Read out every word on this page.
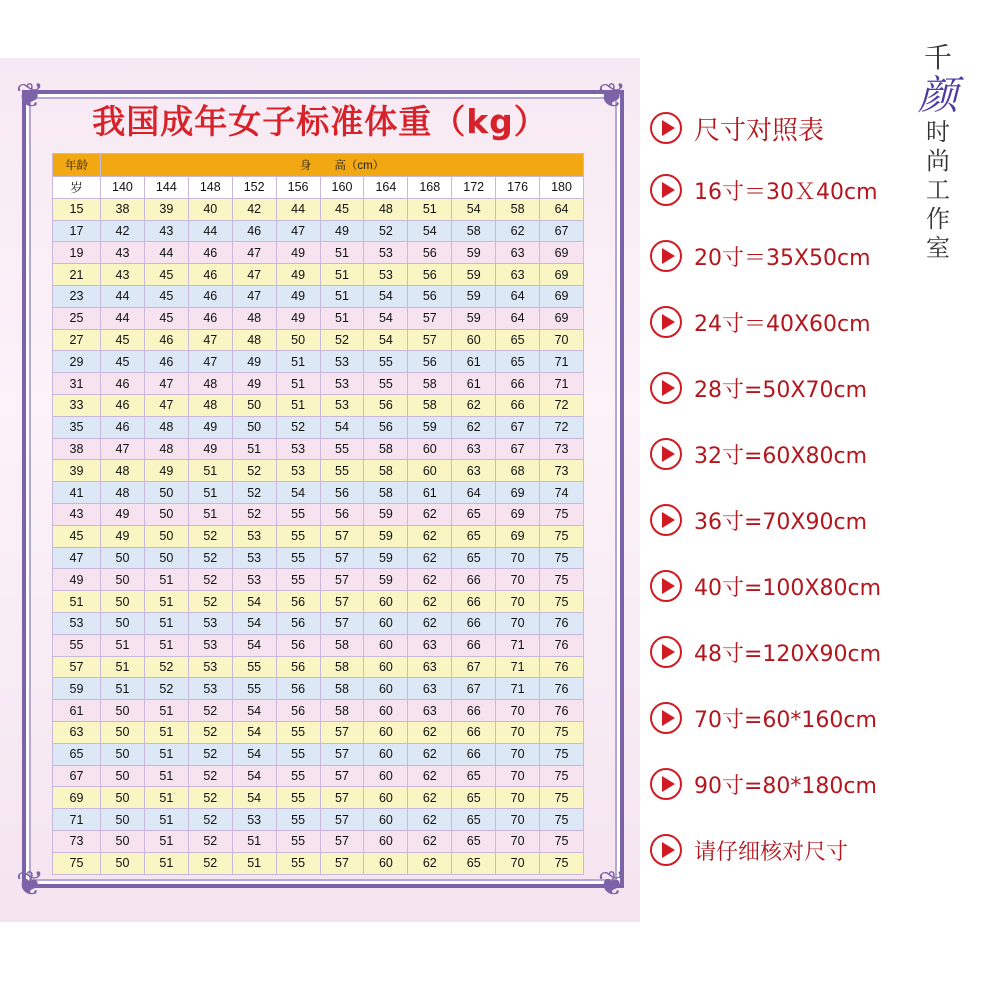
❦	❦
❦	❦
我国成年女子标准体重（kg）
年龄	身　　高（cm）										
岁	140	144	148	152	156	160	164	168	172	176	180
15	38	39	40	42	44	45	48	51	54	58	64
17	42	43	44	46	47	49	52	54	58	62	67
19	43	44	46	47	49	51	53	56	59	63	69
21	43	45	46	47	49	51	53	56	59	63	69
23	44	45	46	47	49	51	54	56	59	64	69
25	44	45	46	48	49	51	54	57	59	64	69
27	45	46	47	48	50	52	54	57	60	65	70
29	45	46	47	49	51	53	55	56	61	65	71
31	46	47	48	49	51	53	55	58	61	66	71
33	46	47	48	50	51	53	56	58	62	66	72
35	46	48	49	50	52	54	56	59	62	67	72
38	47	48	49	51	53	55	58	60	63	67	73
39	48	49	51	52	53	55	58	60	63	68	73
41	48	50	51	52	54	56	58	61	64	69	74
43	49	50	51	52	55	56	59	62	65	69	75
45	49	50	52	53	55	57	59	62	65	69	75
47	50	50	52	53	55	57	59	62	65	70	75
49	50	51	52	53	55	57	59	62	66	70	75
51	50	51	52	54	56	57	60	62	66	70	75
53	50	51	53	54	56	57	60	62	66	70	76
55	51	51	53	54	56	58	60	63	66	71	76
57	51	52	53	55	56	58	60	63	67	71	76
59	51	52	53	55	56	58	60	63	67	71	76
61	50	51	52	54	56	58	60	63	66	70	76
63	50	51	52	54	55	57	60	62	66	70	75
65	50	51	52	54	55	57	60	62	66	70	75
67	50	51	52	54	55	57	60	62	65	70	75
69	50	51	52	54	55	57	60	62	65	70	75
71	50	51	52	53	55	57	60	62	65	70	75
73	50	51	52	51	55	57	60	62	65	70	75
75	50	51	52	51	55	57	60	62	65	70	75
尺寸对照表
16寸＝30Ｘ40cm
20寸＝35X50cm
24寸＝40X60cm
28寸=50X70cm
32寸=60X80cm
36寸=70X90cm
40寸=100X80cm
48寸=120X90cm
70寸=60*160cm
90寸=80*180cm
请仔细核对尺寸
千
颜
时
尚
工
作
室
